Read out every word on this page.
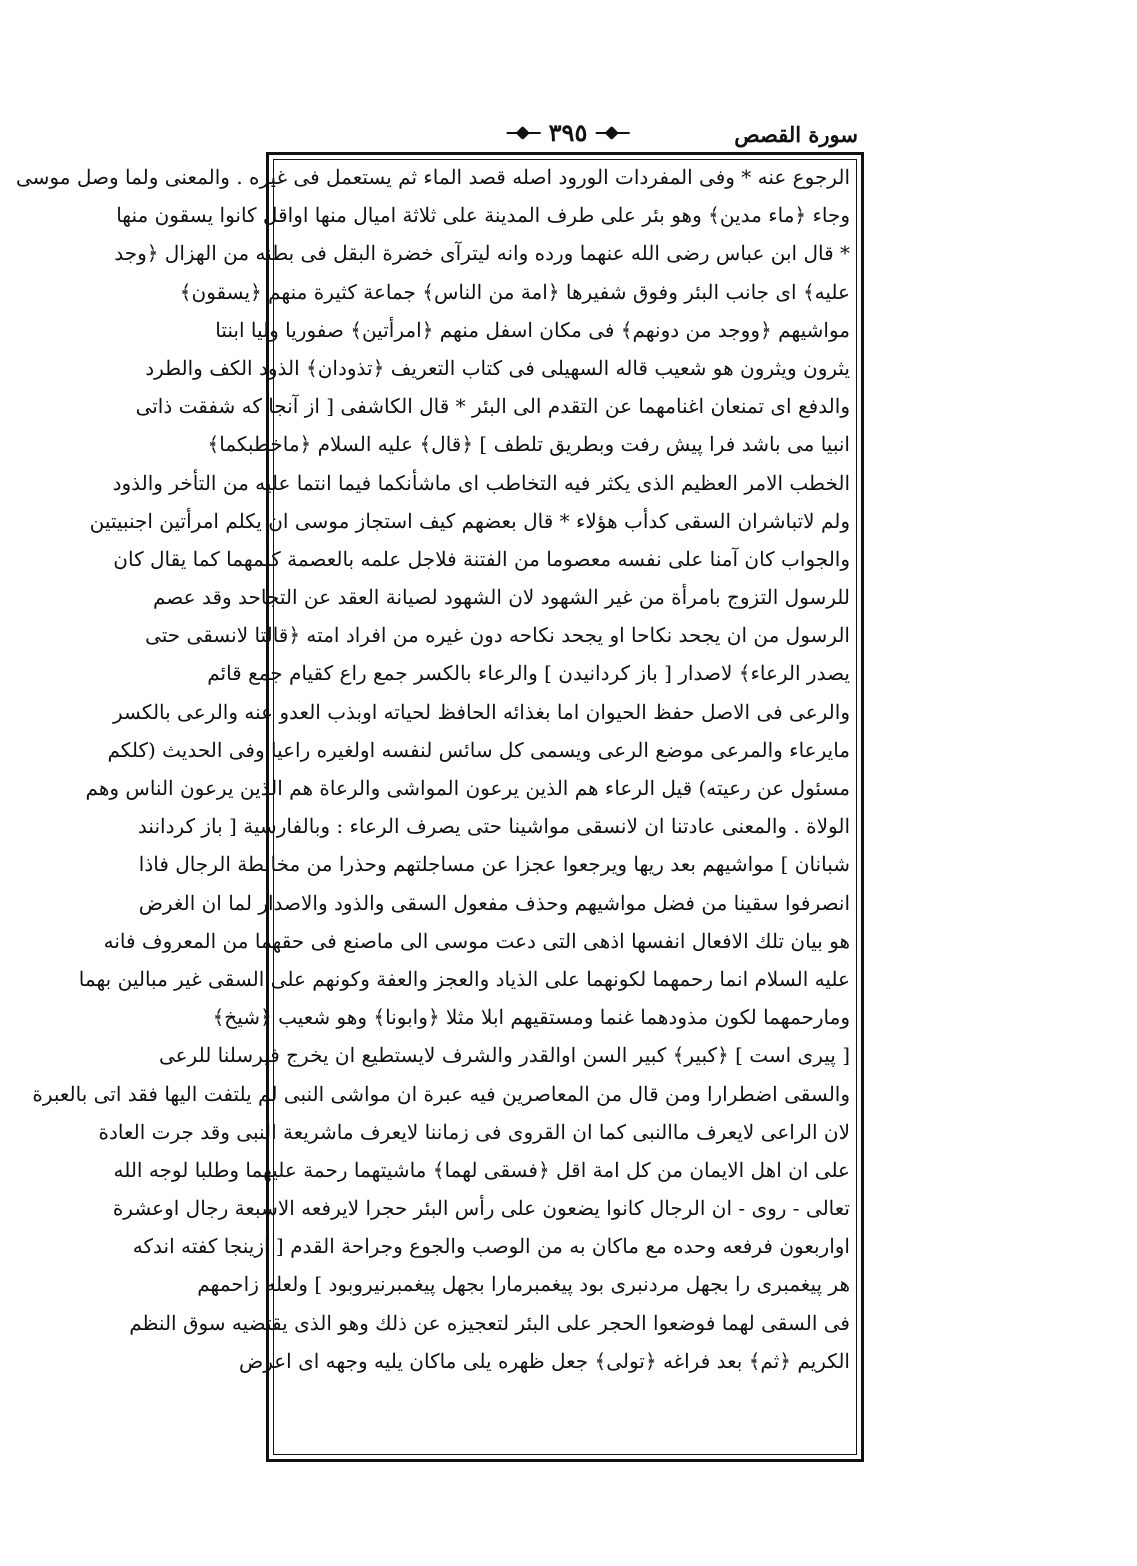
سورة القصص
٣٩٥
الرجوع عنه * وفى المفردات الورود اصله قصد الماء ثم يستعمل فى غيره . والمعنى ولما وصل موسى
وجاء ﴿ماء مدين﴾ وهو بئر على طرف المدينة على ثلاثة اميال منها اواقل كانوا يسقون منها
* قال ابن عباس رضى الله عنهما ورده وانه ليترآى خضرة البقل فى بطنه من الهزال ﴿وجد
عليه﴾ اى جانب البئر وفوق شفيرها ﴿امة من الناس﴾ جماعة كثيرة منهم ﴿يسقون﴾
مواشيهم ﴿ووجد من دونهم﴾ فى مكان اسفل منهم ﴿امرأتين﴾ صفوريا وليا ابنتا
يثرون ويثرون هو شعيب قاله السهيلى فى كتاب التعريف ﴿تذودان﴾ الذود الكف والطرد
والدفع اى تمنعان اغنامهما عن التقدم الى البئر * قال الكاشفى [ از آنجا كه شفقت ذاتى
انبيا مى باشد فرا پيش رفت وبطريق تلطف ] ﴿قال﴾ عليه السلام ﴿ماخطبكما﴾
الخطب الامر العظيم الذى يكثر فيه التخاطب اى ماشأنكما فيما انتما عليه من التأخر والذود
ولم لاتباشران السقى كدأب هؤلاء * قال بعضهم كيف استجاز موسى ان يكلم امرأتين اجنبيتين
والجواب كان آمنا على نفسه معصوما من الفتنة فلاجل علمه بالعصمة كلمهما كما يقال كان
للرسول التزوج بامرأة من غير الشهود لان الشهود لصيانة العقد عن التجاحد وقد عصم
الرسول من ان يجحد نكاحا او يجحد نكاحه دون غيره من افراد امته ﴿قالتا لانسقى حتى
يصدر الرعاء﴾ لاصدار [ باز كردانيدن ] والرعاء بالكسر جمع راع كقيام جمع قائم
والرعى فى الاصل حفظ الحيوان اما بغذائه الحافظ لحياته اوبذب العدو عنه والرعى بالكسر
مايرعاء والمرعى موضع الرعى ويسمى كل سائس لنفسه اولغيره راعيا وفى الحديث (كلكم
مسئول عن رعيته) قيل الرعاء هم الذين يرعون المواشى والرعاة هم الذين يرعون الناس وهم
الولاة . والمعنى عادتنا ان لانسقى مواشينا حتى يصرف الرعاء : وبالفارسية [ باز كردانند
شبانان ] مواشيهم بعد ريها ويرجعوا عجزا عن مساجلتهم وحذرا من مخالطة الرجال فاذا
انصرفوا سقينا من فضل مواشيهم وحذف مفعول السقى والذود والاصدار لما ان الغرض
هو بيان تلك الافعال انفسها اذهى التى دعت موسى الى ماصنع فى حقهما من المعروف فانه
عليه السلام انما رحمهما لكونهما على الذياد والعجز والعفة وكونهم على السقى غير مبالين بهما
ومارحمهما لكون مذودهما غنما ومستقيهم ابلا مثلا ﴿وابونا﴾ وهو شعيب ﴿شيخ﴾
[ پيرى است ] ﴿كبير﴾ كبير السن اوالقدر والشرف لايستطيع ان يخرج فيرسلنا للرعى
والسقى اضطرارا ومن قال من المعاصرين فيه عبرة ان مواشى النبى لم يلتفت اليها فقد اتى بالعبرة
لان الراعى لايعرف ماالنبى كما ان القروى فى زماننا لايعرف ماشريعة النبى وقد جرت العادة
على ان اهل الايمان من كل امة اقل ﴿فسقى لهما﴾ ماشيتهما رحمة عليهما وطلبا لوجه الله
تعالى - روى - ان الرجال كانوا يضعون على رأس البئر حجرا لايرفعه الاسبعة رجال اوعشرة
اواربعون فرفعه وحده مع ماكان به من الوصب والجوع وجراحة القدم [ ازينجا كفته اندكه
هر پيغمبرى را بجهل مردنبرى بود پيغمبرمارا بجهل پيغمبرنيروبود ] ولعله زاحمهم
فى السقى لهما فوضعوا الحجر على البئر لتعجيزه عن ذلك وهو الذى يقتضيه سوق النظم
الكريم ﴿ثم﴾ بعد فراغه ﴿تولى﴾ جعل ظهره يلى ماكان يليه وجهه اى اعرض
